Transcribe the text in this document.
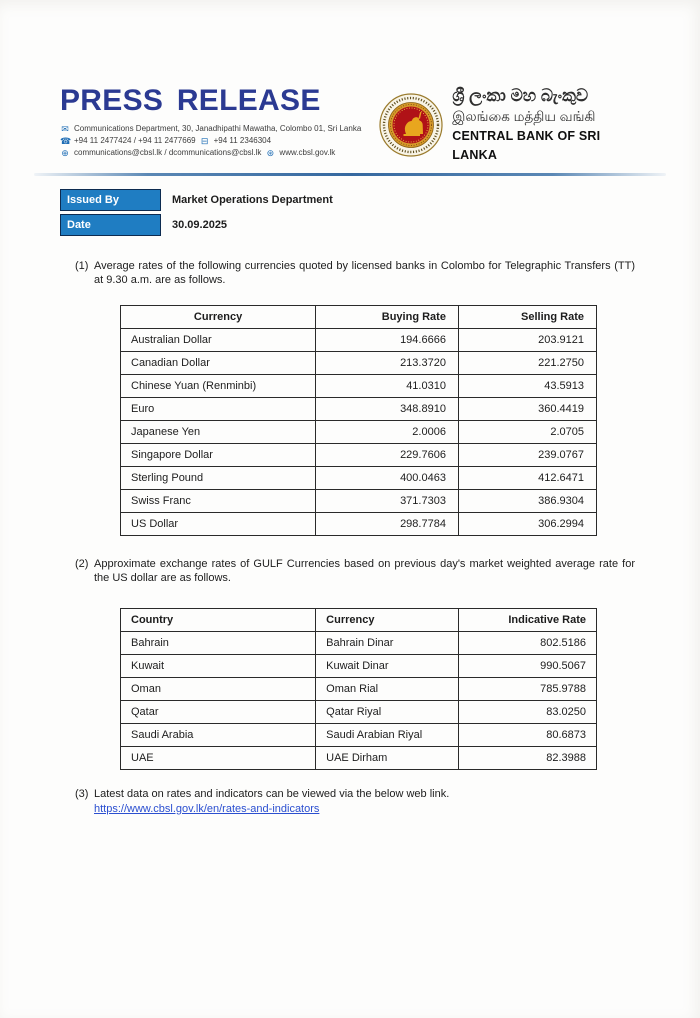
PRESS RELEASE
✉ Communications Department, 30, Janadhipathi Mawatha, Colombo 01, Sri Lanka
☎ +94 11 2477424 / +94 11 2477669 ⊟ +94 11 2346304
⊕ communications@cbsl.lk / dcommunications@cbsl.lk ⊛ www.cbsl.gov.lk
ශ්‍රී ලංකා මහ බැංකුව
இலங்கை மத்திய வங்கி
CENTRAL BANK OF SRI LANKA
Issued By	Market Operations Department
Date	30.09.2025
(1) Average rates of the following currencies quoted by licensed banks in Colombo for Telegraphic Transfers (TT) at 9.30 a.m. are as follows.
Currency	Buying Rate	Selling Rate
Australian Dollar	194.6666	203.9121
Canadian Dollar	213.3720	221.2750
Chinese Yuan (Renminbi)	41.0310	43.5913
Euro	348.8910	360.4419
Japanese Yen	2.0006	2.0705
Singapore Dollar	229.7606	239.0767
Sterling Pound	400.0463	412.6471
Swiss Franc	371.7303	386.9304
US Dollar	298.7784	306.2994
(2) Approximate exchange rates of GULF Currencies based on previous day's market weighted average rate for the US dollar are as follows.
Country	Currency	Indicative Rate
Bahrain	Bahrain Dinar	802.5186
Kuwait	Kuwait Dinar	990.5067
Oman	Oman Rial	785.9788
Qatar	Qatar Riyal	83.0250
Saudi Arabia	Saudi Arabian Riyal	80.6873
UAE	UAE Dirham	82.3988
(3) Latest data on rates and indicators can be viewed via the below web link.
https://www.cbsl.gov.lk/en/rates-and-indicators
